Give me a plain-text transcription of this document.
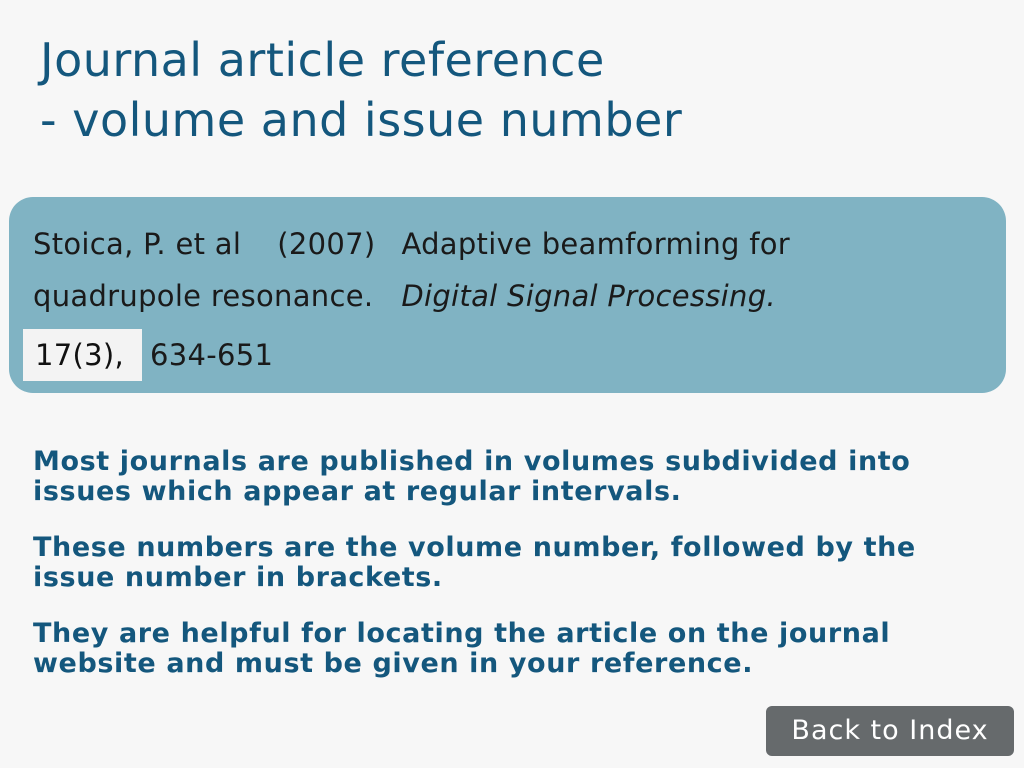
Journal article reference
- volume and issue number
Stoica, P. et al (2007) Adaptive beamforming for
quadrupole resonance. Digital Signal Processing.
17(3), 634-651
Most journals are published in volumes subdivided into
issues which appear at regular intervals.
These numbers are the volume number, followed by the
issue number in brackets.
They are helpful for locating the article on the journal
website and must be given in your reference.
Back to Index
